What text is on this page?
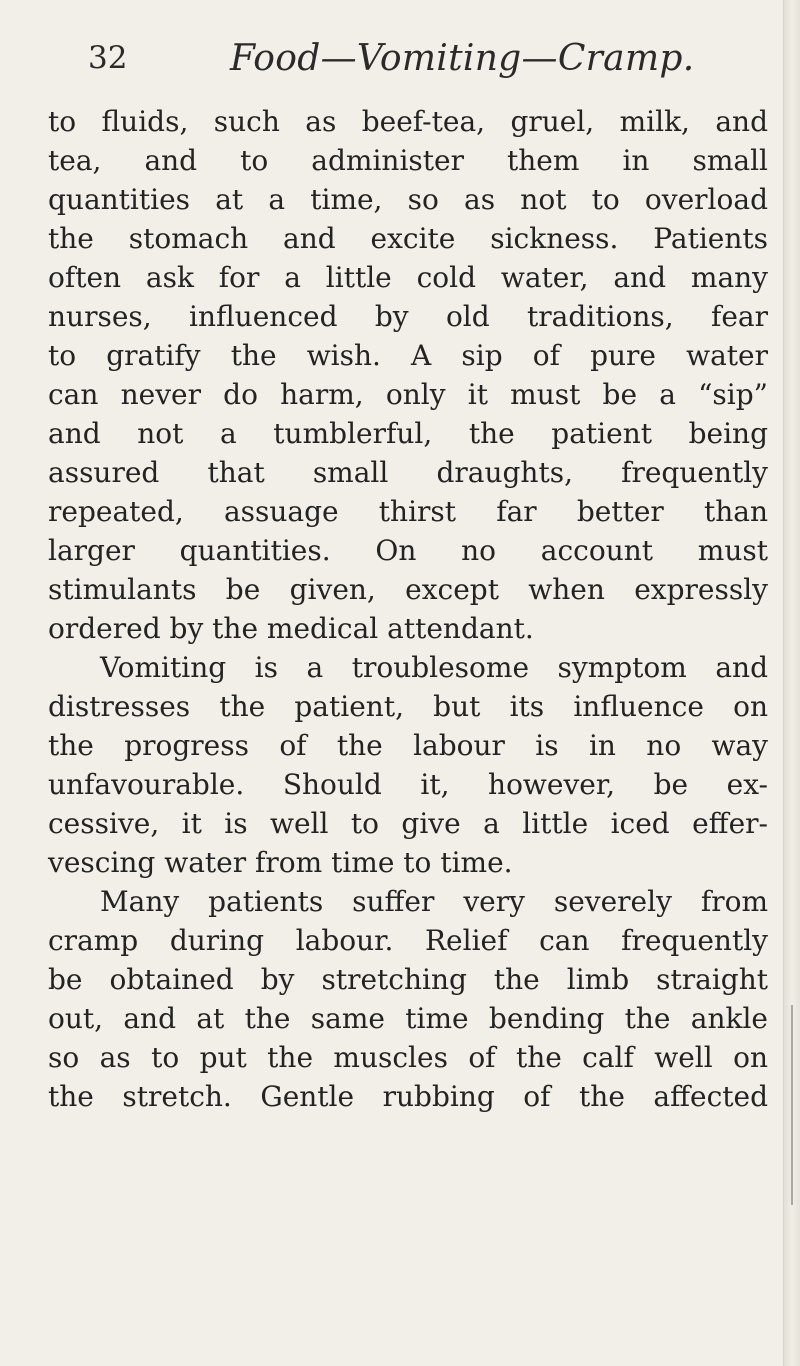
32	Food—Vomiting—Cramp.
to fluids, such as beef-tea, gruel, milk, and
tea, and to administer them in small
quantities at a time, so as not to overload
the stomach and excite sickness. Patients
often ask for a little cold water, and many
nurses, influenced by old traditions, fear
to gratify the wish. A sip of pure water
can never do harm, only it must be a “sip”
and not a tumblerful, the patient being
assured that small draughts, frequently
repeated, assuage thirst far better than
larger quantities. On no account must
stimulants be given, except when expressly
ordered by the medical attendant.
Vomiting is a troublesome symptom and
distresses the patient, but its influence on
the progress of the labour is in no way
unfavourable. Should it, however, be ex-
cessive, it is well to give a little iced effer-
vescing water from time to time.
Many patients suffer very severely from
cramp during labour. Relief can frequently
be obtained by stretching the limb straight
out, and at the same time bending the ankle
so as to put the muscles of the calf well on
the stretch. Gentle rubbing of the affected
